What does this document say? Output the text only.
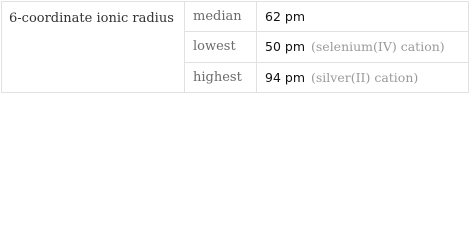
6-coordinate ionic radius	median	62 pm
	lowest	50 pm (selenium(IV) cation)
	highest	94 pm (silver(II) cation)
